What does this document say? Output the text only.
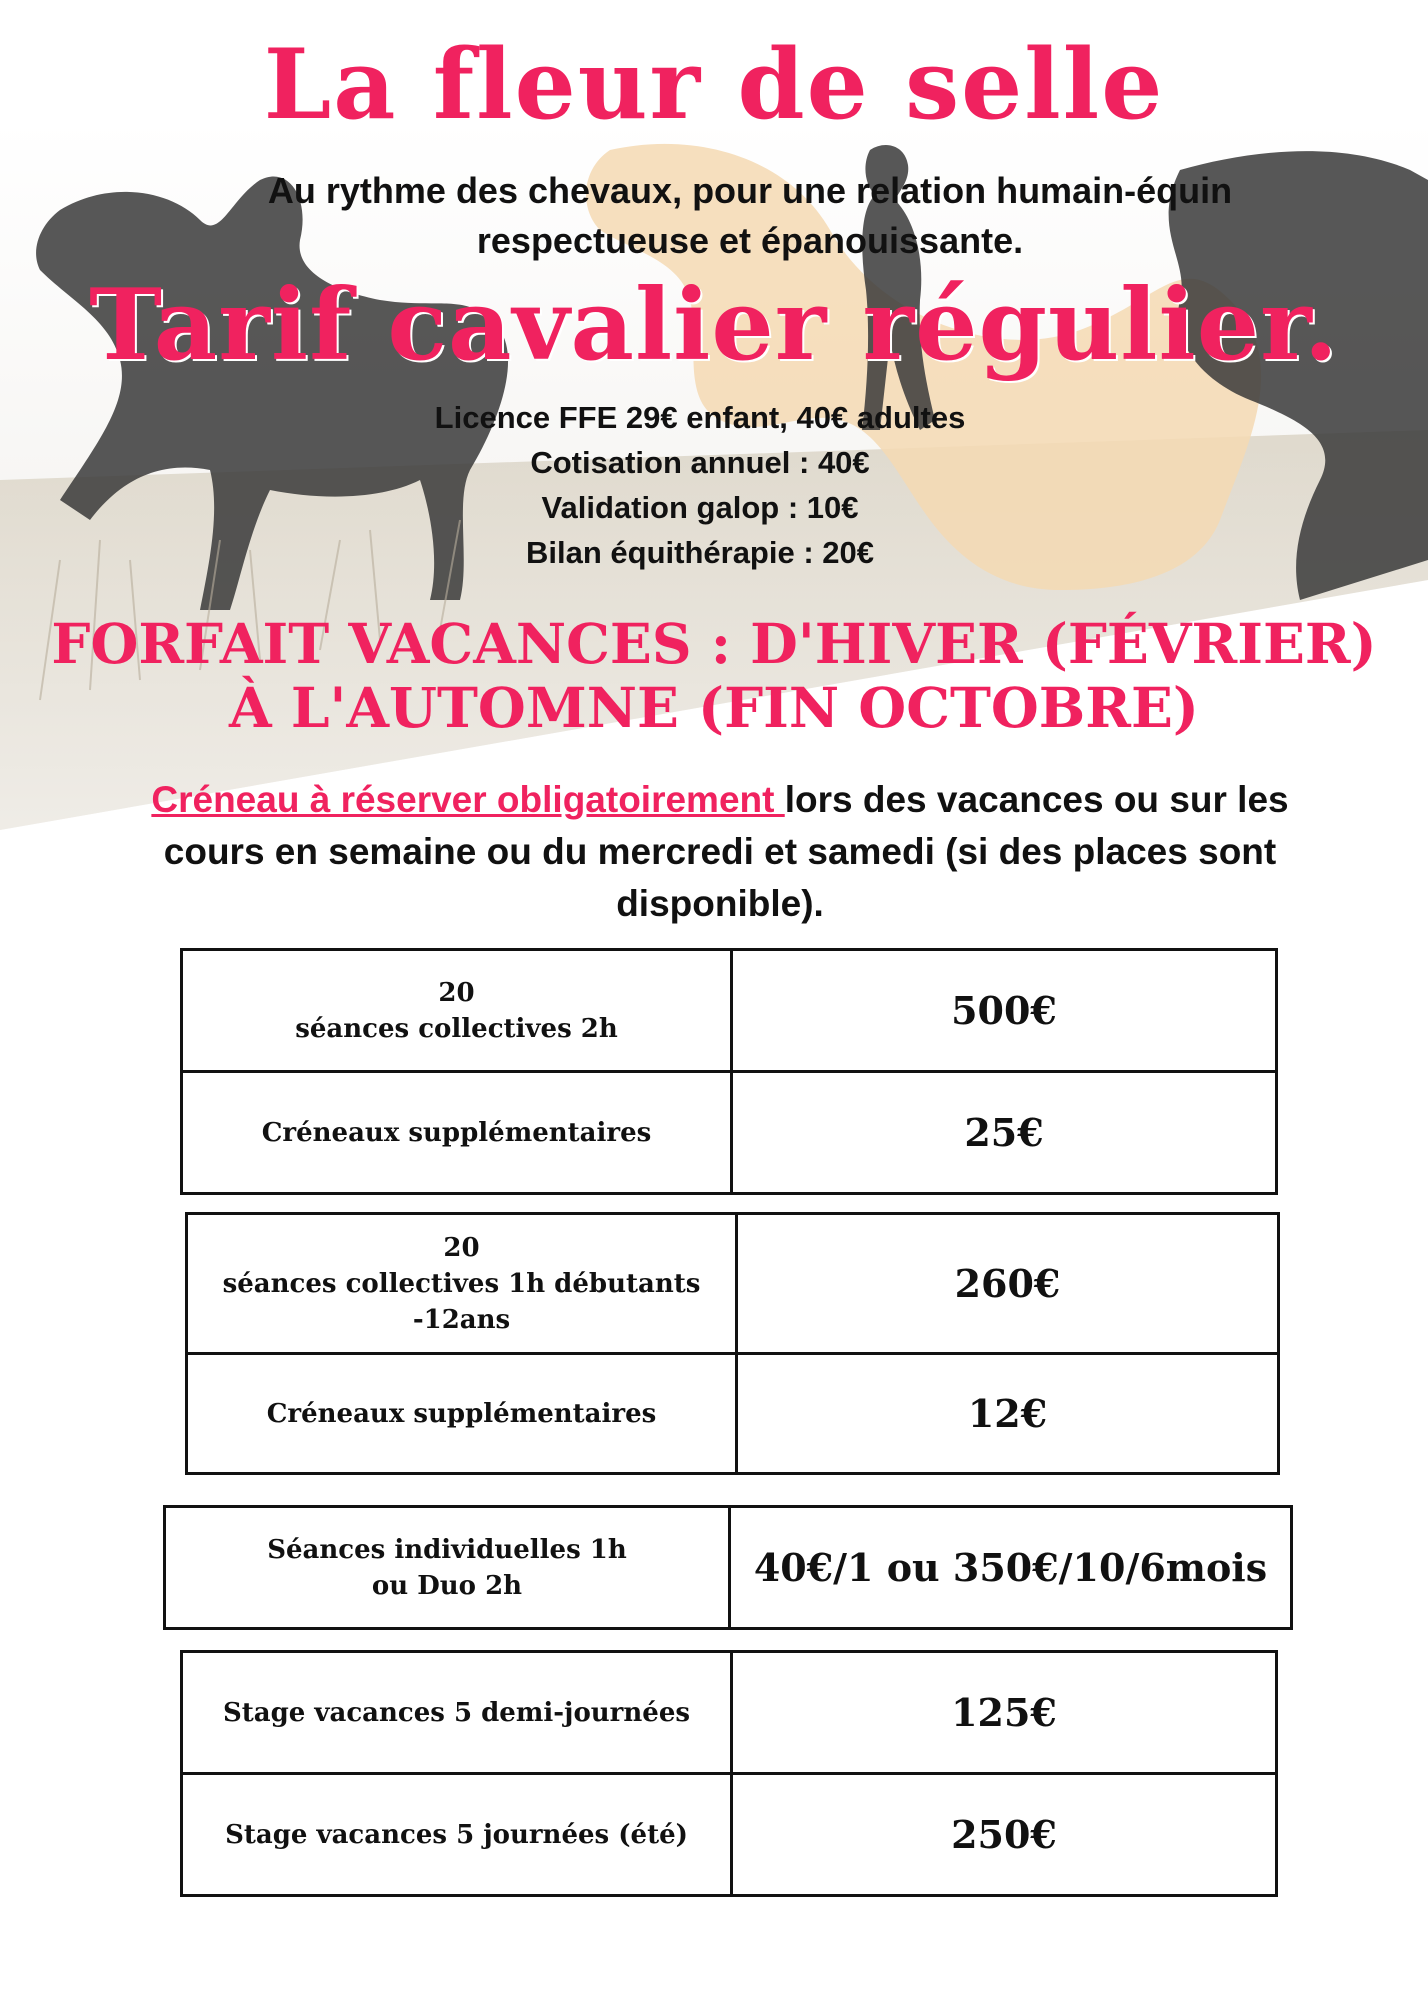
La fleur de selle
Au rythme des chevaux, pour une relation humain-équin
respectueuse et épanouissante.
Tarif cavalier régulier.
Licence FFE 29€ enfant, 40€ adultes
Cotisation annuel : 40€
Validation galop : 10€
Bilan équithérapie : 20€
FORFAIT VACANCES : D'HIVER (FÉVRIER)
À L'AUTOMNE (FIN OCTOBRE)
Créneau à réserver obligatoirement lors des vacances ou sur les cours en semaine ou du mercredi et samedi (si des places sont disponible).
20
séances collectives 2h	500€

Créneaux supplémentaires	25€
20
séances collectives 1h débutants
-12ans	260€

Créneaux supplémentaires	12€
Séances individuelles 1h
ou Duo 2h	40€/1 ou 350€/10/6mois
Stage vacances 5 demi-journées	125€

Stage vacances 5 journées (été)	250€
